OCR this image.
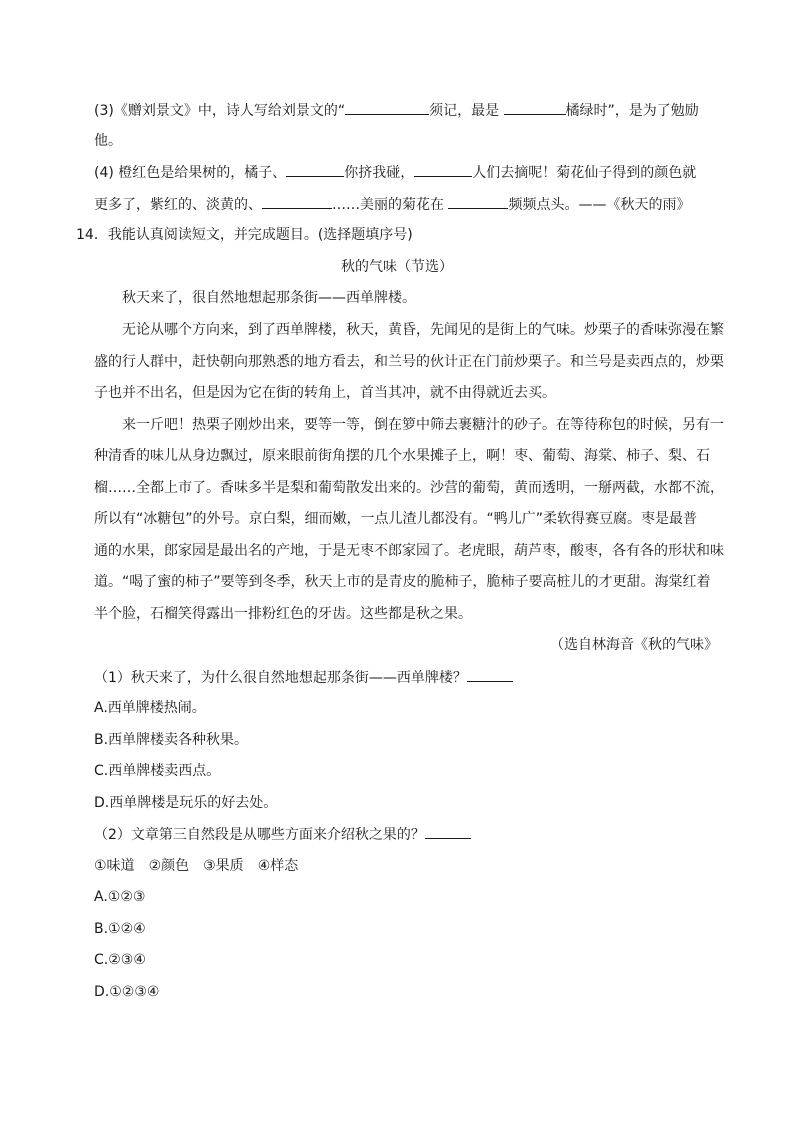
(3)《赠刘景文》中，诗人写给刘景文的“	须记，最是	橘绿时”，是为了勉励
他。
(4) 橙红色是给果树的，橘子、	你挤我碰，	人们去摘呢！菊花仙子得到的颜色就
更多了，紫红的、淡黄的、	……美丽的菊花在	频频点头。——《秋天的雨》
14．我能认真阅读短文，并完成题目。(选择题填序号)
秋的气味（节选）
秋天来了，很自然地想起那条街——西单牌楼。
无论从哪个方向来，到了西单牌楼，秋天，黄昏，先闻见的是街上的气味。炒栗子的香味弥漫在繁
盛的行人群中，赶快朝向那熟悉的地方看去，和兰号的伙计正在门前炒栗子。和兰号是卖西点的，炒栗
子也并不出名，但是因为它在街的转角上，首当其冲，就不由得就近去买。
来一斤吧！热栗子刚炒出来，要等一等，倒在箩中筛去裹糖汁的砂子。在等待称包的时候，另有一
种清香的味儿从身边飘过，原来眼前街角摆的几个水果摊子上，啊！枣、葡萄、海棠、柿子、梨、石
榴……全都上市了。香味多半是梨和葡萄散发出来的。沙营的葡萄，黄而透明，一掰两截，水都不流，
所以有“冰糖包”的外号。京白梨，细而嫩，一点儿渣儿都没有。“鸭儿广”柔软得赛豆腐。枣是最普
通的水果，郎家园是最出名的产地，于是无枣不郎家园了。老虎眼，葫芦枣，酸枣，各有各的形状和味
道。“喝了蜜的柿子”要等到冬季，秋天上市的是青皮的脆柿子，脆柿子要高桩儿的才更甜。海棠红着
半个脸，石榴笑得露出一排粉红色的牙齿。这些都是秋之果。
（选自林海音《秋的气味》
（1）秋天来了，为什么很自然地想起那条街——西单牌楼？
A.西单牌楼热闹。
B.西单牌楼卖各种秋果。
C.西单牌楼卖西点。
D.西单牌楼是玩乐的好去处。
（2）文章第三自然段是从哪些方面来介绍秋之果的？
①味道 ②颜色 ③果质 ④样态
A.①②③
B.①②④
C.②③④
D.①②③④
